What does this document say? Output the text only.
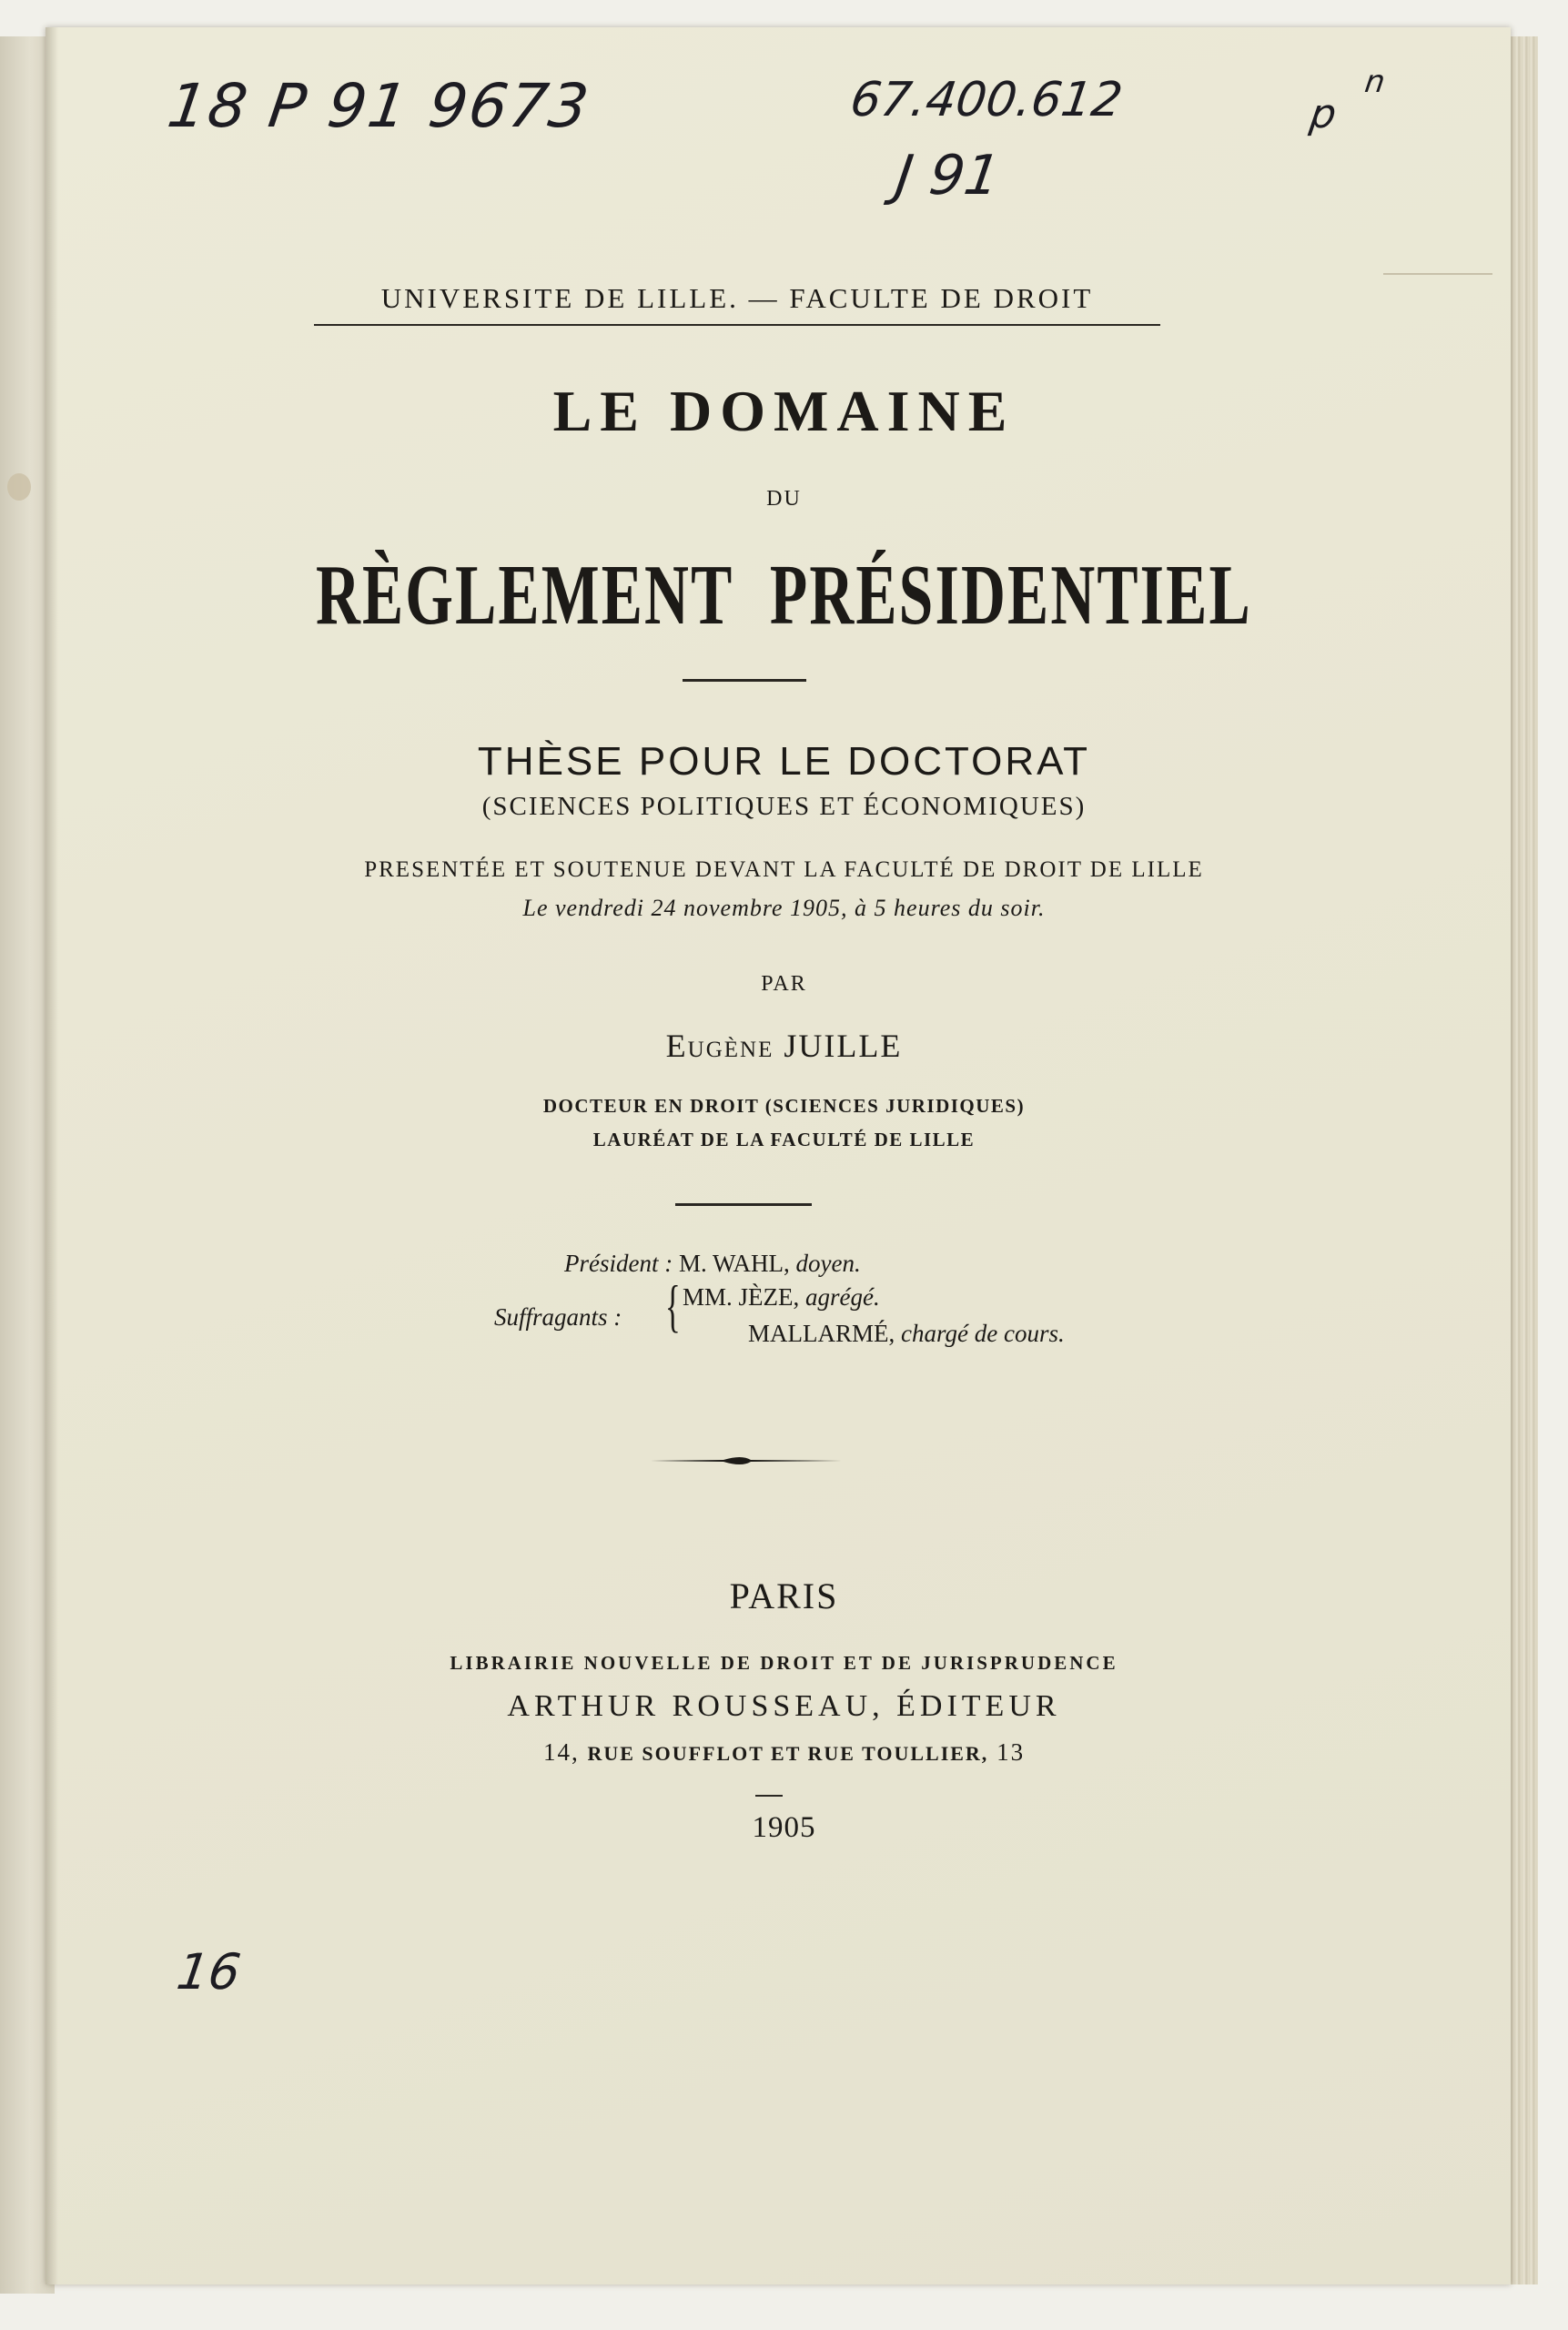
18 P 91 9673	67.400.612
J 91
p
n
16
UNIVERSITE DE LILLE. — FACULTE DE DROIT
LE DOMAINE
DU
RÈGLEMENT PRÉSIDENTIEL
THÈSE POUR LE DOCTORAT
(SCIENCES POLITIQUES ET ÉCONOMIQUES)
PRESENTÉE ET SOUTENUE DEVANT LA FACULTÉ DE DROIT DE LILLE
Le vendredi 24 novembre 1905, à 5 heures du soir.
PAR
Eugène JUILLE
DOCTEUR EN DROIT (SCIENCES JURIDIQUES)
LAURÉAT DE LA FACULTÉ DE LILLE
Président : M. WAHL, doyen.
Suffragants : { MM. JÈZE, agrégé.
MALLARMÉ, chargé de cours.
PARIS
LIBRAIRIE NOUVELLE DE DROIT ET DE JURISPRUDENCE
ARTHUR ROUSSEAU, ÉDITEUR
14, RUE SOUFFLOT ET RUE TOULLIER, 13
1905
